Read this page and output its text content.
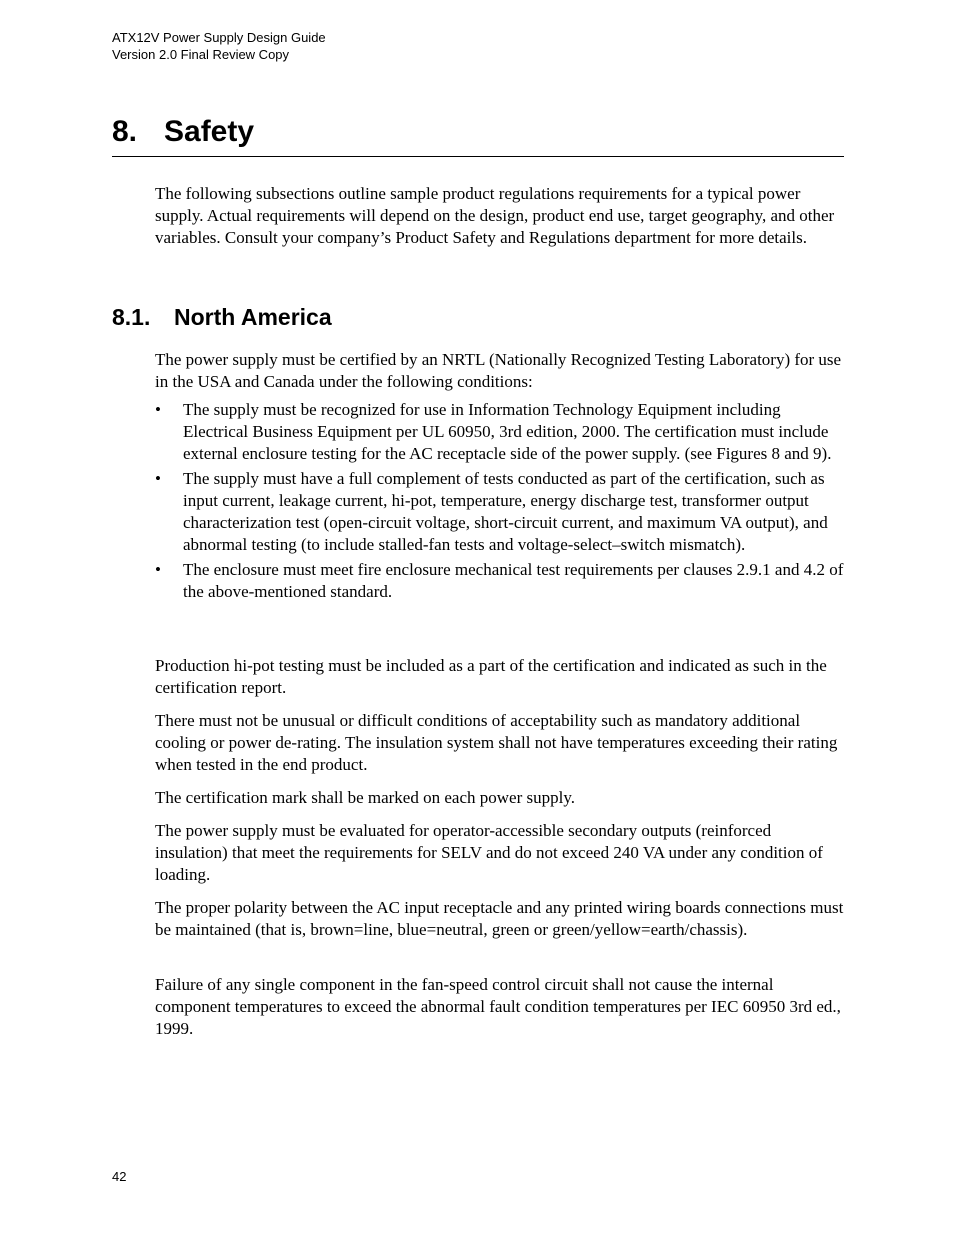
ATX12V Power Supply Design Guide
Version 2.0 Final Review Copy
8. Safety

The following subsections outline sample product regulations requirements for a typical power supply. Actual requirements will depend on the design, product end use, target geography, and other variables. Consult your company’s Product Safety and Regulations department for more details.

8.1. North America

The power supply must be certified by an NRTL (Nationally Recognized Testing Laboratory) for use in the USA and Canada under the following conditions:

•	The supply must be recognized for use in Information Technology Equipment including Electrical Business Equipment per UL 60950, 3rd edition, 2000. The certification must include external enclosure testing for the AC receptacle side of the power supply. (see Figures 8 and 9).
•	The supply must have a full complement of tests conducted as part of the certification, such as input current, leakage current, hi-pot, temperature, energy discharge test, transformer output characterization test (open-circuit voltage, short-circuit current, and maximum VA output), and abnormal testing (to include stalled-fan tests and voltage-select–switch mismatch).
•	The enclosure must meet fire enclosure mechanical test requirements per clauses 2.9.1 and 4.2 of the above-mentioned standard.

Production hi-pot testing must be included as a part of the certification and indicated as such in the certification report.

There must not be unusual or difficult conditions of acceptability such as mandatory additional cooling or power de-rating. The insulation system shall not have temperatures exceeding their rating when tested in the end product.

The certification mark shall be marked on each power supply.

The power supply must be evaluated for operator-accessible secondary outputs (reinforced insulation) that meet the requirements for SELV and do not exceed 240 VA under any condition of loading.

The proper polarity between the AC input receptacle and any printed wiring boards connections must be maintained (that is, brown=line, blue=neutral, green or green/yellow=earth/chassis).

Failure of any single component in the fan-speed control circuit shall not cause the internal component temperatures to exceed the abnormal fault condition temperatures per IEC 60950 3rd ed., 1999.

42
